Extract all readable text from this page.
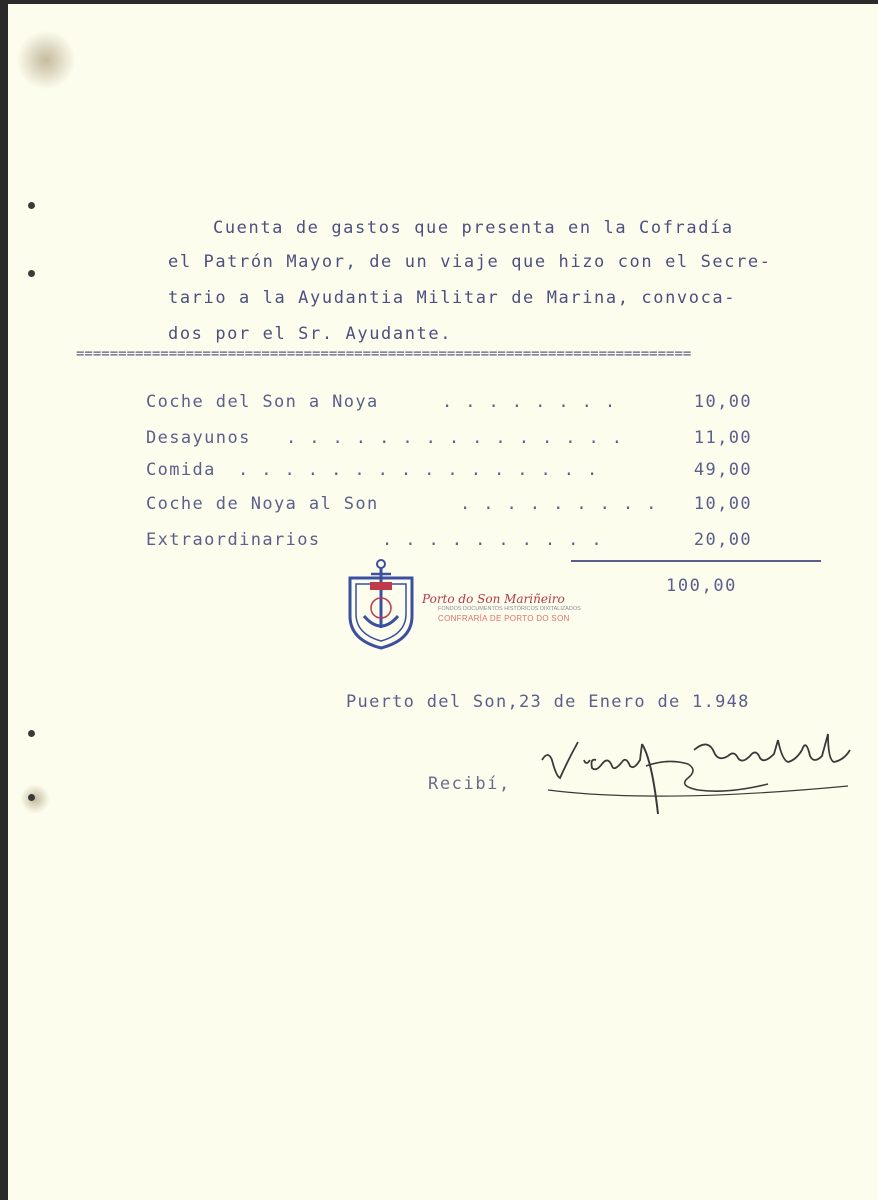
Cuenta de gastos que presenta en la Cofradía
el Patrón Mayor, de un viaje que hizo con el Secre-
tario a la Ayudantia Militar de Marina, convoca-
dos por el Sr. Ayudante.
=========================================================================
Coche del Son a Noya	. . . . . . . .	10,00
Desayunos . . . . . . . . . . . . . . .	11,00
Comida . . . . . . . . . . . . . . . .	49,00
Coche de Noya al Son	. . . . . . . . . 10,00
Extraordinarios	. . . . . . . . . .	20,00
100,00
Porto do Son Mariñeiro
FONDOS DOCUMENTOS HISTÓRICOS DIXITALIZADOS
CONFRARÍA DE PORTO DO SON
Puerto del Son,23 de Enero de 1.948
Recibí,
